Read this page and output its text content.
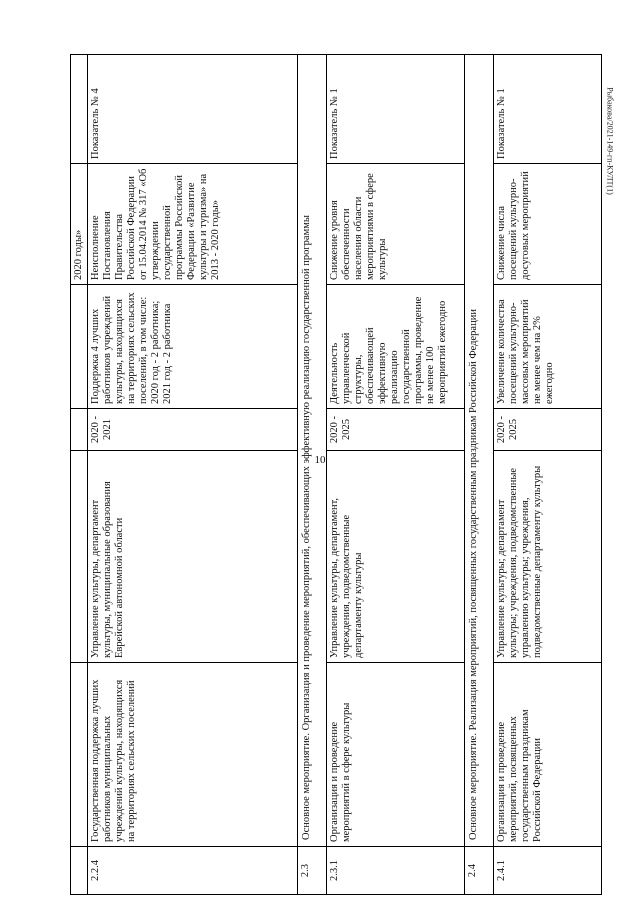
10
Рыбакова/2021-149-гп-КУЛТ(1)
					2020 годы»	
2.2.4	Государственная поддержка лучших работников муниципальных учреждений культуры, находящихся на территориях сельских поселений	Управление культуры, департамент культуры, муниципальные образования Еврейской автономной области	2020 - 2021	Поддержка 4 лучших работников учреждений культуры, находящихся на территориях сельских поселений, в том числе: 2020 год - 2 работника; 2021 год - 2 работника	Неисполнение Постановления Правительства Российской Федерации от 15.04.2014 № 317 «Об утверждении государственной программы Российской Федерации «Развитие культуры и туризма» на 2013 - 2020 годы»	Показатель № 4
2.3	Основное мероприятие. Организация и проведение мероприятий, обеспечивающих эффективную реализацию государственной программы					
2.3.1	Организация и проведение мероприятий в сфере культуры	Управление культуры, департамент, учреждения, подведомственные департаменту культуры	2020 - 2025	Деятельность управленческой структуры, обеспечивающей эффективную реализацию государственной программы, проведение не менее 100 мероприятий ежегодно	Снижение уровня обеспеченности населения области мероприятиями в сфере культуры	Показатель № 1
2.4	Основное мероприятие. Реализация мероприятий, посвященных государственным праздникам Российской Федерации					
2.4.1	Организация и проведение мероприятий, посвященных государственным праздникам Российской Федерации	Управление культуры; департамент культуры; учреждения, подведомственные управлению культуры; учреждения, подведомственные департаменту культуры	2020 - 2025	Увеличение количества посещений культурно-массовых мероприятий не менее чем на 2% ежегодно	Снижение числа посещений культурно-досуговых мероприятий	Показатель № 1
